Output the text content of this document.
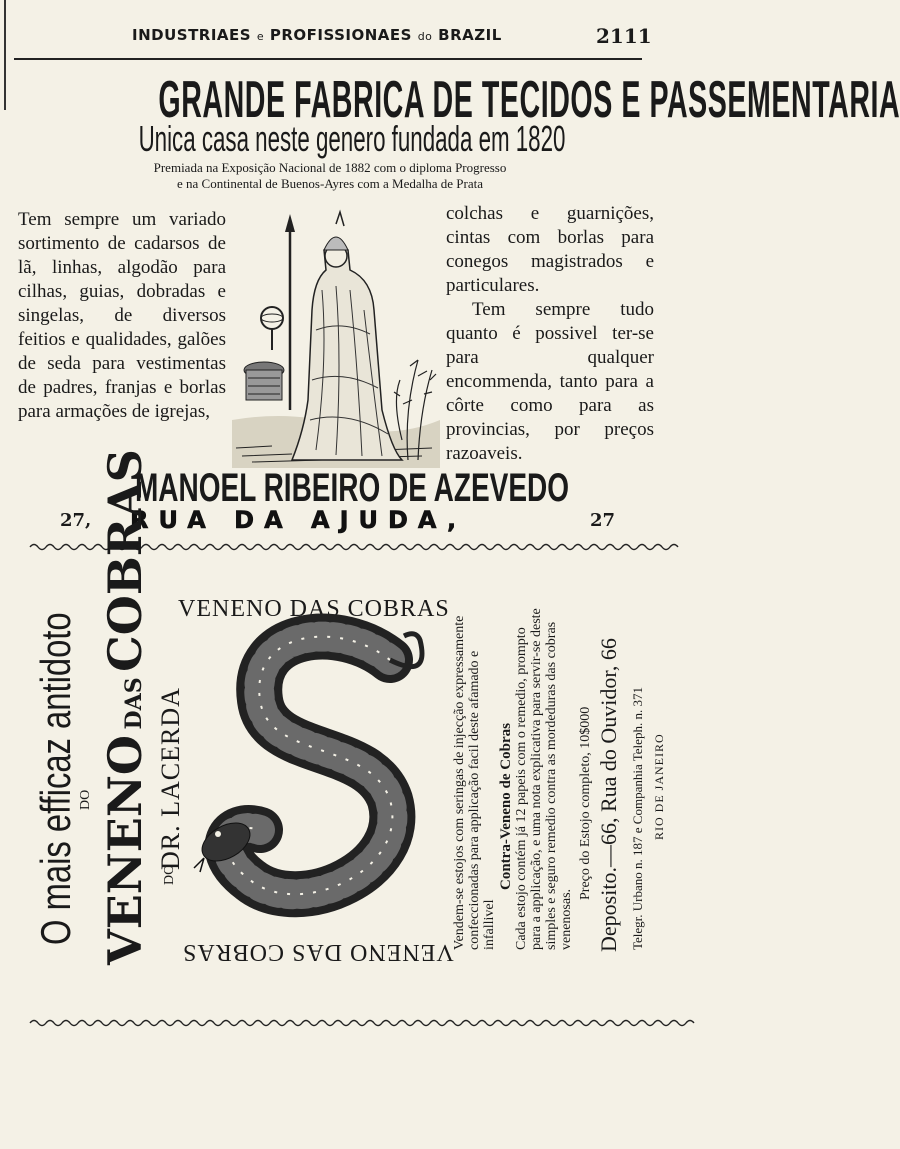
INDUSTRIAES e PROFISSIONAES do BRAZIL	2111
GRANDE FABRICA DE TECIDOS E PASSEMENTARIA
Unica casa neste genero fundada em 1820
Premiada na Exposição Nacional de 1882 com o diploma Progresso
e na Continental de Buenos-Ayres com a Medalha de Prata
Tem sempre um variado sortimento de cadarsos de lã, linhas, algodão para cilhas, guias, dobradas e singelas, de diversos feitios e qualidades, galões de seda para vestimentas de padres, franjas e borlas para armações de igrejas,
colchas e guarnições, cintas com borlas para conegos magistrados e particulares.
Tem sempre tudo quanto é possivel ter-se para qualquer encommenda, tanto para a côrte como para as provincias, por preços razoaveis.
MANOEL RIBEIRO DE AZEVEDO
27, RUA DA AJUDA,	27
O mais efficaz antidoto DO VENENO DAS COBRAS
DO
DR. LACERDA
VENENO DAS COBRAS
VENENO DAS COBRAS
Vendem-se estojos com seringas de injecção expressamente confeccionadas para applicação facil deste afamado e infallivel
Contra-Veneno de Cobras Cada estojo contém já 12 papeis com o remedio, prompto para a applicação, e uma nota explicativa para servir-se deste simples e seguro remedio contra as mordeduras das cobras venenosas.
Preço do Estojo completo, 10$000 Deposito.—66, Rua do Ouvidor, 66 Telegr. Urbano n. 187 e Companhia Teleph. n. 371 RIO DE JANEIRO
